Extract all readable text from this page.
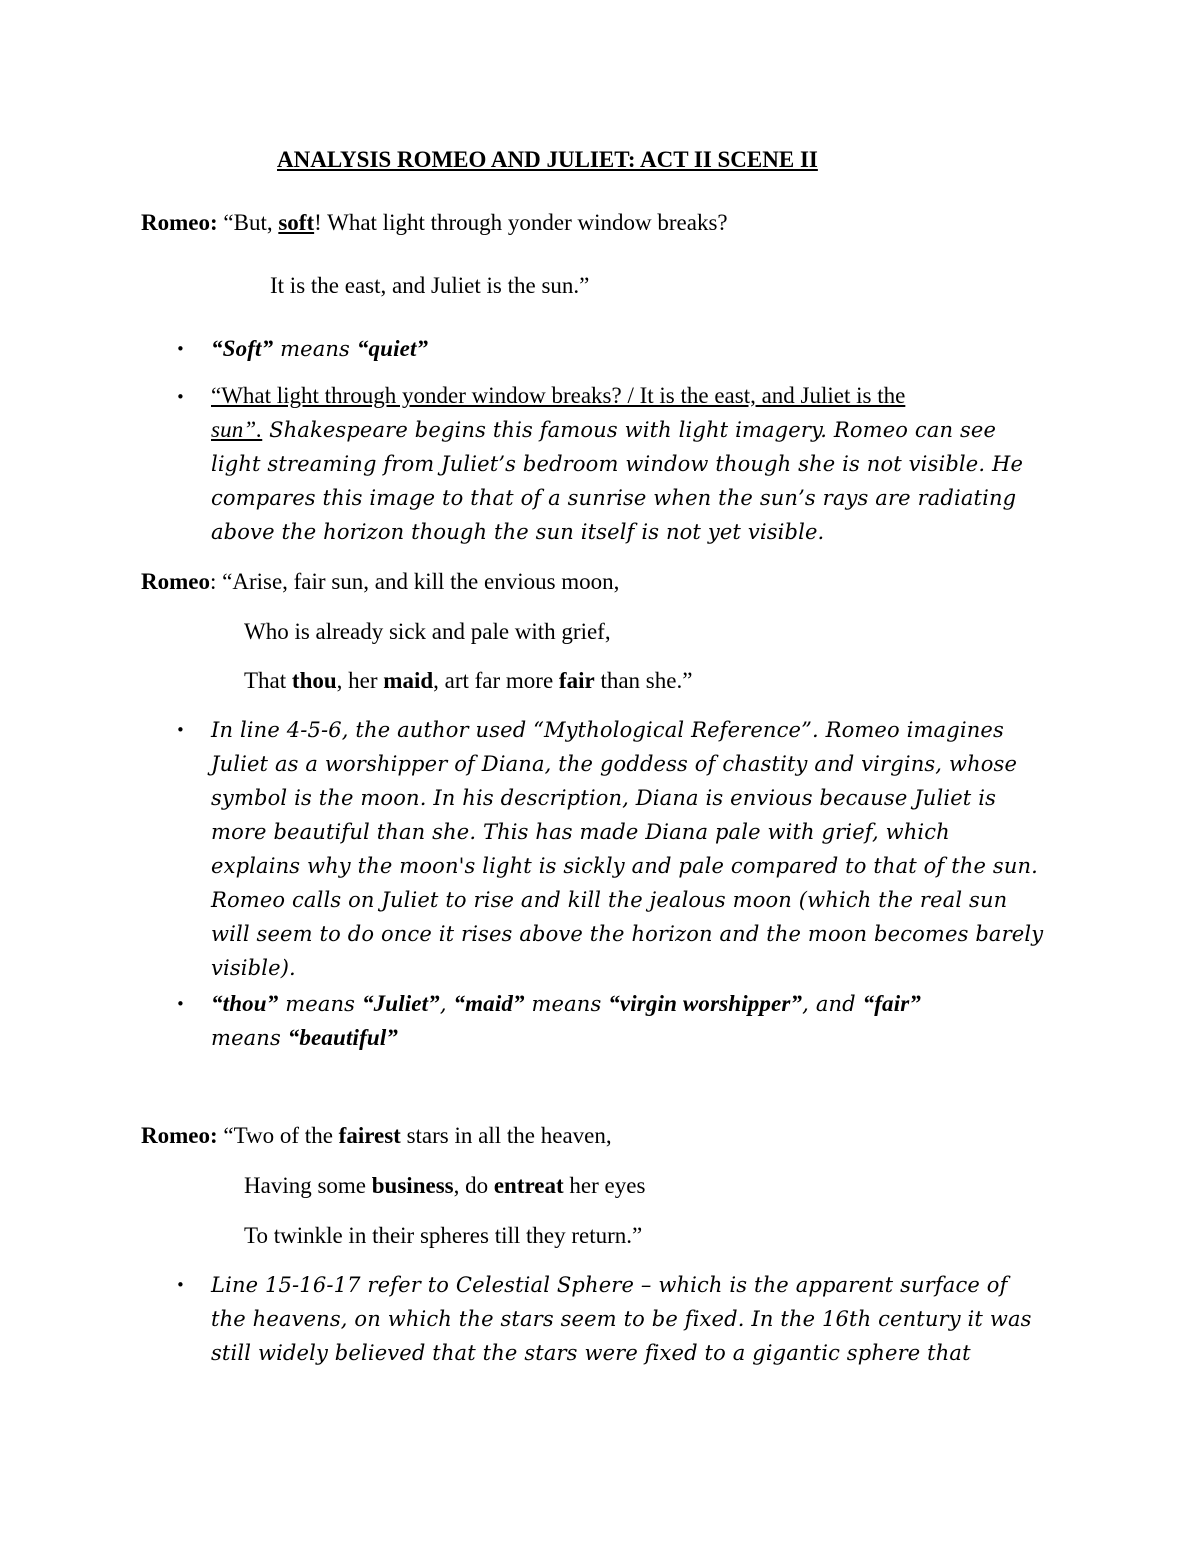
ANALYSIS ROMEO AND JULIET: ACT II SCENE II
Romeo: “But, soft! What light through yonder window breaks?
It is the east, and Juliet is the sun.”
• “Soft” means “quiet”
• “What light through yonder window breaks? / It is the east, and Juliet is the
sun”. Shakespeare begins this famous with light imagery. Romeo can see
light streaming from Juliet’s bedroom window though she is not visible. He
compares this image to that of a sunrise when the sun’s rays are radiating
above the horizon though the sun itself is not yet visible.
Romeo: “Arise, fair sun, and kill the envious moon,
Who is already sick and pale with grief,
That thou, her maid, art far more fair than she.”
• In line 4-5-6, the author used “Mythological Reference”. Romeo imagines
Juliet as a worshipper of Diana, the goddess of chastity and virgins, whose
symbol is the moon. In his description, Diana is envious because Juliet is
more beautiful than she. This has made Diana pale with grief, which
explains why the moon's light is sickly and pale compared to that of the sun.
Romeo calls on Juliet to rise and kill the jealous moon (which the real sun
will seem to do once it rises above the horizon and the moon becomes barely
visible).
• “thou” means “Juliet”, “maid” means “virgin worshipper”, and “fair”
means “beautiful”
Romeo: “Two of the fairest stars in all the heaven,
Having some business, do entreat her eyes
To twinkle in their spheres till they return.”
• Line 15-16-17 refer to Celestial Sphere – which is the apparent surface of
the heavens, on which the stars seem to be fixed. In the 16th century it was
still widely believed that the stars were fixed to a gigantic sphere that
